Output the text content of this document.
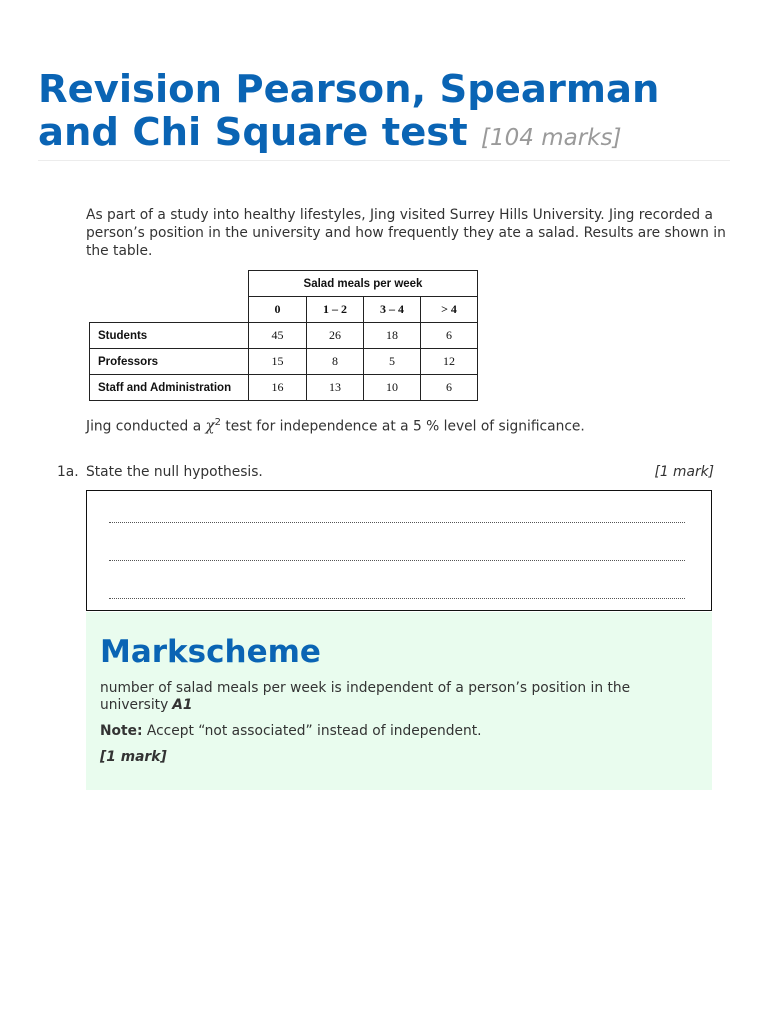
Revision Pearson, Spearman
and Chi Square test [104 marks]

As part of a study into healthy lifestyles, Jing visited Surrey Hills University. Jing recorded a person’s position in the university and how frequently they ate a salad. Results are shown in the table.

	Salad meals per week			
	0	1 – 2	3 – 4	> 4
Students	45	26	18	6
Professors	15	8	5	12
Staff and Administration	16	13	10	6

Jing conducted a $\chi^2$ test for independence at a 5 % level of significance.

1a. State the null hypothesis.	[1 mark]
Markscheme

number of salad meals per week is independent of a person’s position in the university A1

Note: Accept “not associated” instead of independent.

[1 mark]
